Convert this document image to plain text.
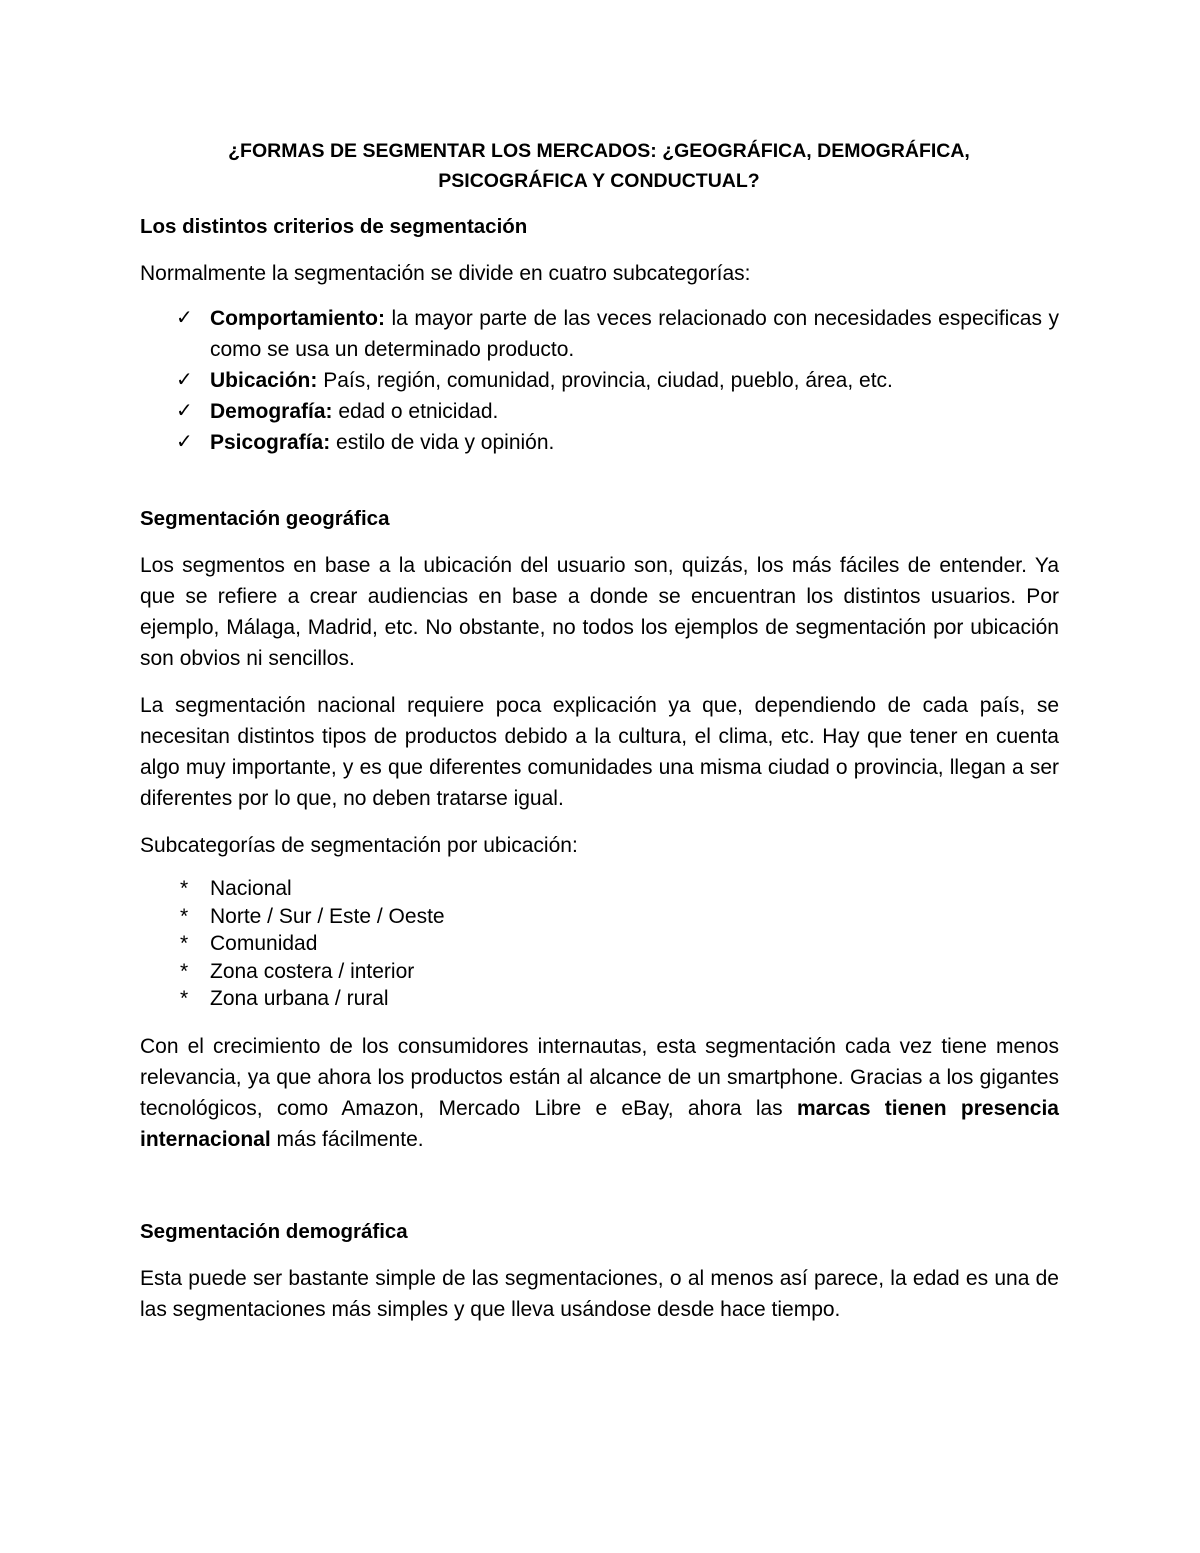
¿FORMAS DE SEGMENTAR LOS MERCADOS: ¿GEOGRÁFICA, DEMOGRÁFICA,
PSICOGRÁFICA Y CONDUCTUAL?
Los distintos criterios de segmentación

Normalmente la segmentación se divide en cuatro subcategorías:

✓ Comportamiento: la mayor parte de las veces relacionado con necesidades especificas y como se usa un determinado producto.
✓ Ubicación: País, región, comunidad, provincia, ciudad, pueblo, área, etc.
✓ Demografía: edad o etnicidad.
✓ Psicografía: estilo de vida y opinión.
Segmentación geográfica

Los segmentos en base a la ubicación del usuario son, quizás, los más fáciles de entender. Ya que se refiere a crear audiencias en base a donde se encuentran los distintos usuarios. Por ejemplo, Málaga, Madrid, etc. No obstante, no todos los ejemplos de segmentación por ubicación son obvios ni sencillos.

La segmentación nacional requiere poca explicación ya que, dependiendo de cada país, se necesitan distintos tipos de productos debido a la cultura, el clima, etc. Hay que tener en cuenta algo muy importante, y es que diferentes comunidades una misma ciudad o provincia, llegan a ser diferentes por lo que, no deben tratarse igual.

Subcategorías de segmentación por ubicación:

* Nacional
* Norte / Sur / Este / Oeste
* Comunidad
* Zona costera / interior
* Zona urbana / rural

Con el crecimiento de los consumidores internautas, esta segmentación cada vez tiene menos relevancia, ya que ahora los productos están al alcance de un smartphone. Gracias a los gigantes tecnológicos, como Amazon, Mercado Libre e eBay, ahora las marcas tienen presencia internacional más fácilmente.

Segmentación demográfica

Esta puede ser bastante simple de las segmentaciones, o al menos así parece, la edad es una de las segmentaciones más simples y que lleva usándose desde hace tiempo.
